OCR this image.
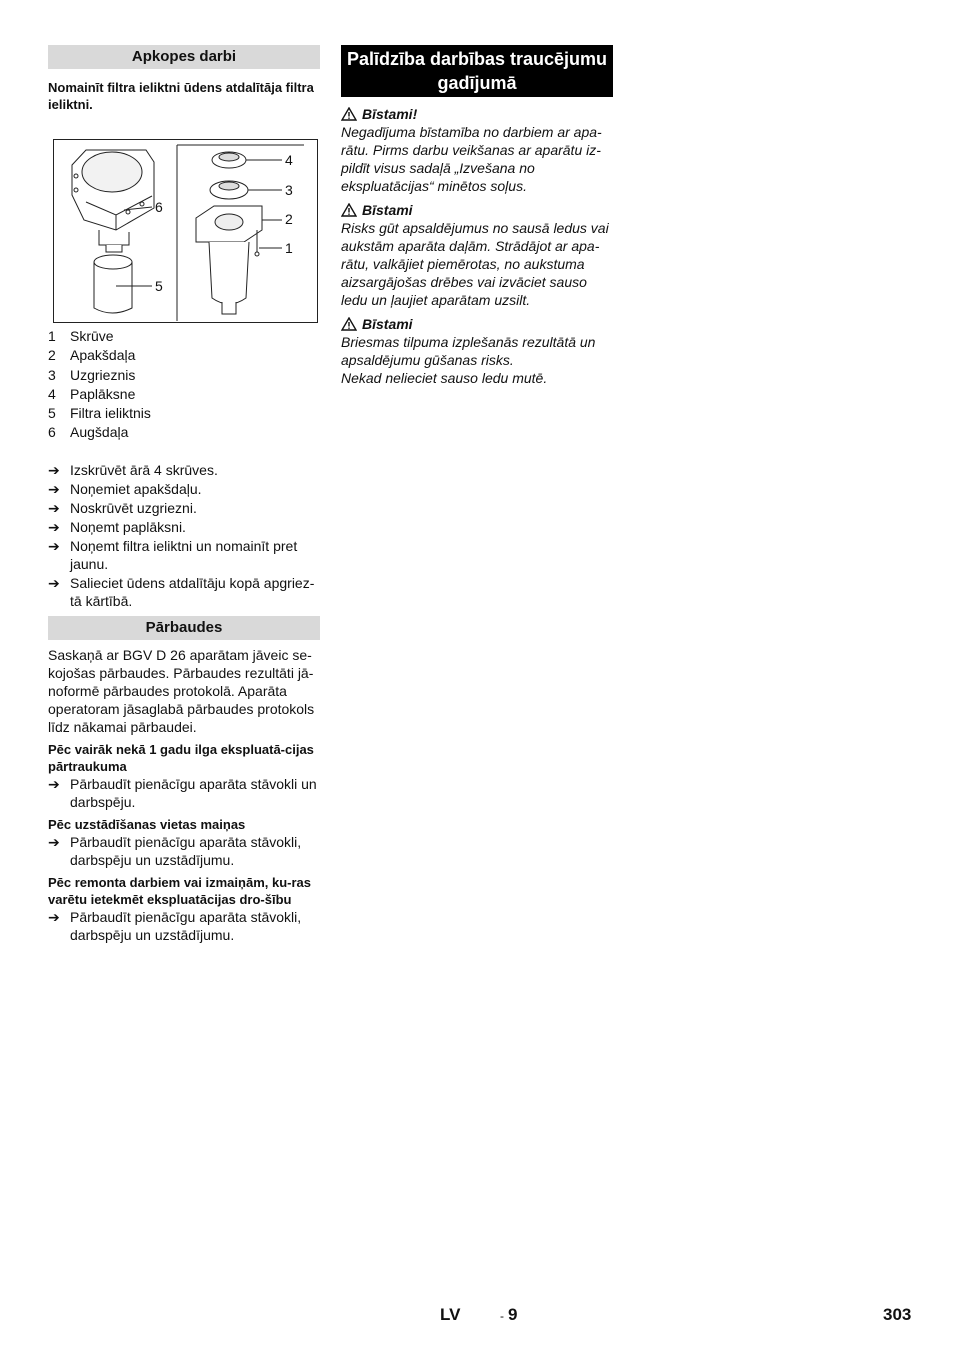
Apkopes darbi
Nomainīt filtra ieliktni ūdens atdalītāja filtra ieliktni.
4
3
6
2
1
5
1	Skrūve
2	Apakšdaļa
3	Uzgrieznis
4	Paplāksne
5	Filtra ieliktnis
6	Augšdaļa
➔ Izskrūvēt ārā 4 skrūves.
➔ Noņemiet apakšdaļu.
➔ Noskrūvēt uzgriezni.
➔ Noņemt paplāksni.
➔ Noņemt filtra ieliktni un nomainīt pret jaunu.
➔ Salieciet ūdens atdalītāju kopā apgriez-tā kārtībā.
Pārbaudes
Saskaņā ar BGV D 26 aparātam jāveic se-kojošas pārbaudes. Pārbaudes rezultāti jā-noformē pārbaudes protokolā. Aparāta operatoram jāsaglabā pārbaudes protokols līdz nākamai pārbaudei.
Pēc vairāk nekā 1 gadu ilga ekspluatā-cijas pārtraukuma
➔ Pārbaudīt pienācīgu aparāta stāvokli un darbspēju.
Pēc uzstādīšanas vietas maiņas
➔ Pārbaudīt pienācīgu aparāta stāvokli, darbspēju un uzstādījumu.
Pēc remonta darbiem vai izmaiņām, ku-ras varētu ietekmēt ekspluatācijas dro-šību
➔ Pārbaudīt pienācīgu aparāta stāvokli, darbspēju un uzstādījumu.
Palīdzība darbības traucējumu gadījumā
Bīstami!
Negadījuma bīstamība no darbiem ar apa-rātu. Pirms darbu veikšanas ar aparātu iz-pildīt visus sadaļā „Izvešana no ekspluatācijas“ minētos soļus.
Bīstami
Risks gūt apsaldējumus no sausā ledus vai aukstām aparāta daļām. Strādājot ar apa-rātu, valkājiet piemērotas, no aukstuma aizsargājošas drēbes vai izvāciet sauso ledu un ļaujiet aparātam uzsilt.
Bīstami
Briesmas tilpuma izplešanās rezultātā un apsaldējumu gūšanas risks.
Nekad nelieciet sauso ledu mutē.
LV	- 9	303
